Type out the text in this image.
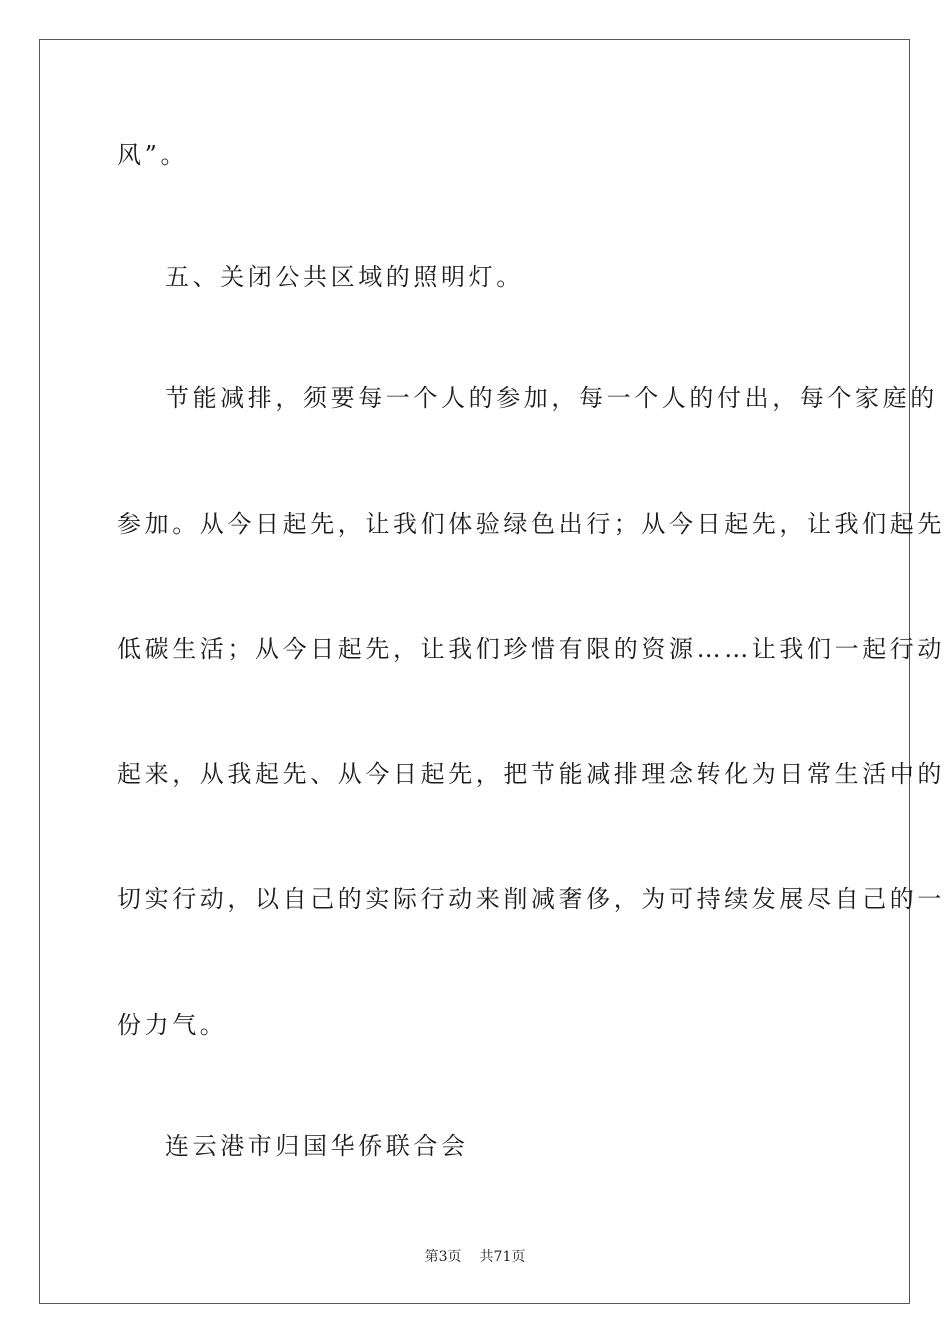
风”。
五、关闭公共区域的照明灯。
节能减排，须要每一个人的参加，每一个人的付出，每个家庭的
参加。从今日起先，让我们体验绿色出行；从今日起先，让我们起先
低碳生活；从今日起先，让我们珍惜有限的资源……让我们一起行动
起来，从我起先、从今日起先，把节能减排理念转化为日常生活中的
切实行动，以自己的实际行动来削减奢侈，为可持续发展尽自己的一
份力气。
连云港市归国华侨联合会
第3页 共71页
